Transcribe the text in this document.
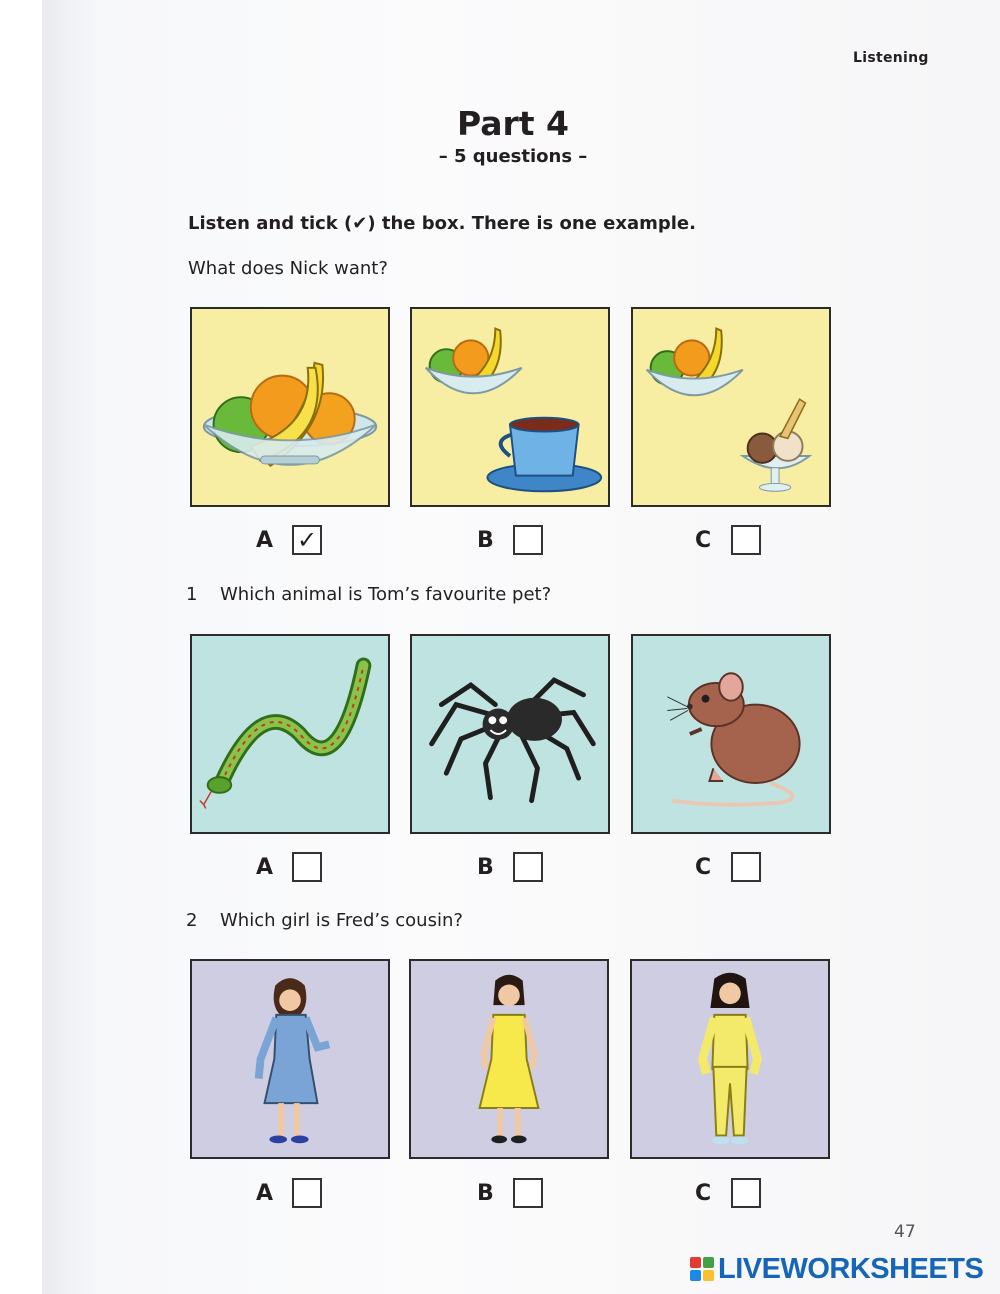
Listening
Part 4
– 5 questions –
Listen and tick (✔) the box. There is one example.
What does Nick want?
A ✓	B	C
1 Which animal is Tom’s favourite pet?
A	B	C
2 Which girl is Fred’s cousin?
A	B	C
47
LIVEWORKSHEETS
